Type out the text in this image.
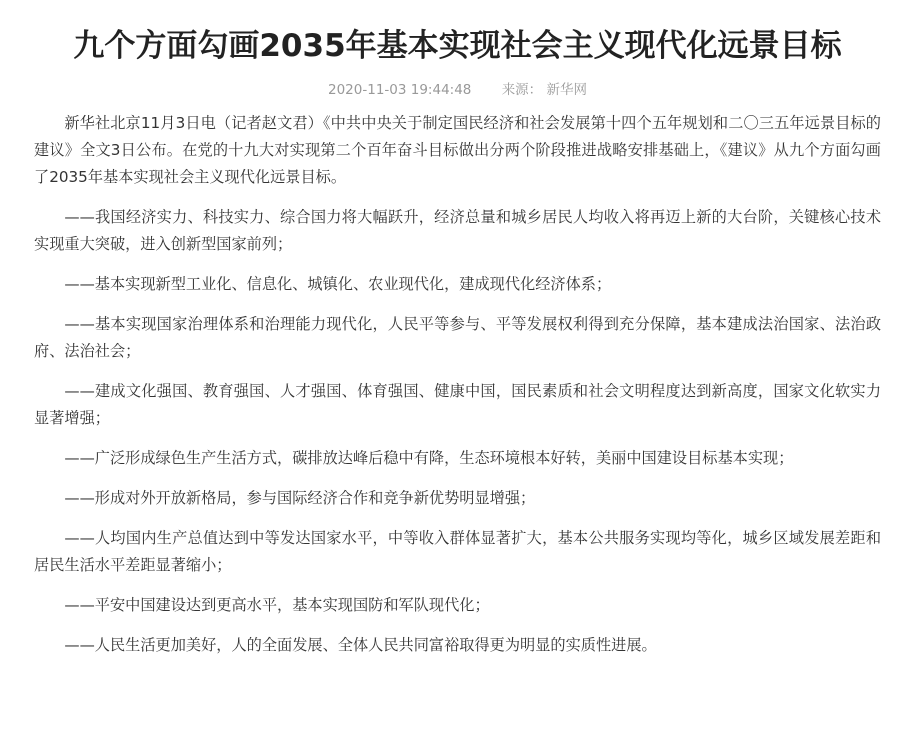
九个方面勾画2035年基本实现社会主义现代化远景目标
2020-11-03 19:44:48 来源： 新华网

新华社北京11月3日电（记者赵文君）《中共中央关于制定国民经济和社会发展第十四个五年规划和二〇三五年远景目标的建议》全文3日公布。在党的十九大对实现第二个百年奋斗目标做出分两个阶段推进战略安排基础上，《建议》从九个方面勾画了2035年基本实现社会主义现代化远景目标。

——我国经济实力、科技实力、综合国力将大幅跃升，经济总量和城乡居民人均收入将再迈上新的大台阶，关键核心技术实现重大突破，进入创新型国家前列；

——基本实现新型工业化、信息化、城镇化、农业现代化，建成现代化经济体系；

——基本实现国家治理体系和治理能力现代化，人民平等参与、平等发展权利得到充分保障，基本建成法治国家、法治政府、法治社会；

——建成文化强国、教育强国、人才强国、体育强国、健康中国，国民素质和社会文明程度达到新高度，国家文化软实力显著增强；

——广泛形成绿色生产生活方式，碳排放达峰后稳中有降，生态环境根本好转，美丽中国建设目标基本实现；

——形成对外开放新格局，参与国际经济合作和竞争新优势明显增强；

——人均国内生产总值达到中等发达国家水平，中等收入群体显著扩大，基本公共服务实现均等化，城乡区域发展差距和居民生活水平差距显著缩小；

——平安中国建设达到更高水平，基本实现国防和军队现代化；

——人民生活更加美好，人的全面发展、全体人民共同富裕取得更为明显的实质性进展。
